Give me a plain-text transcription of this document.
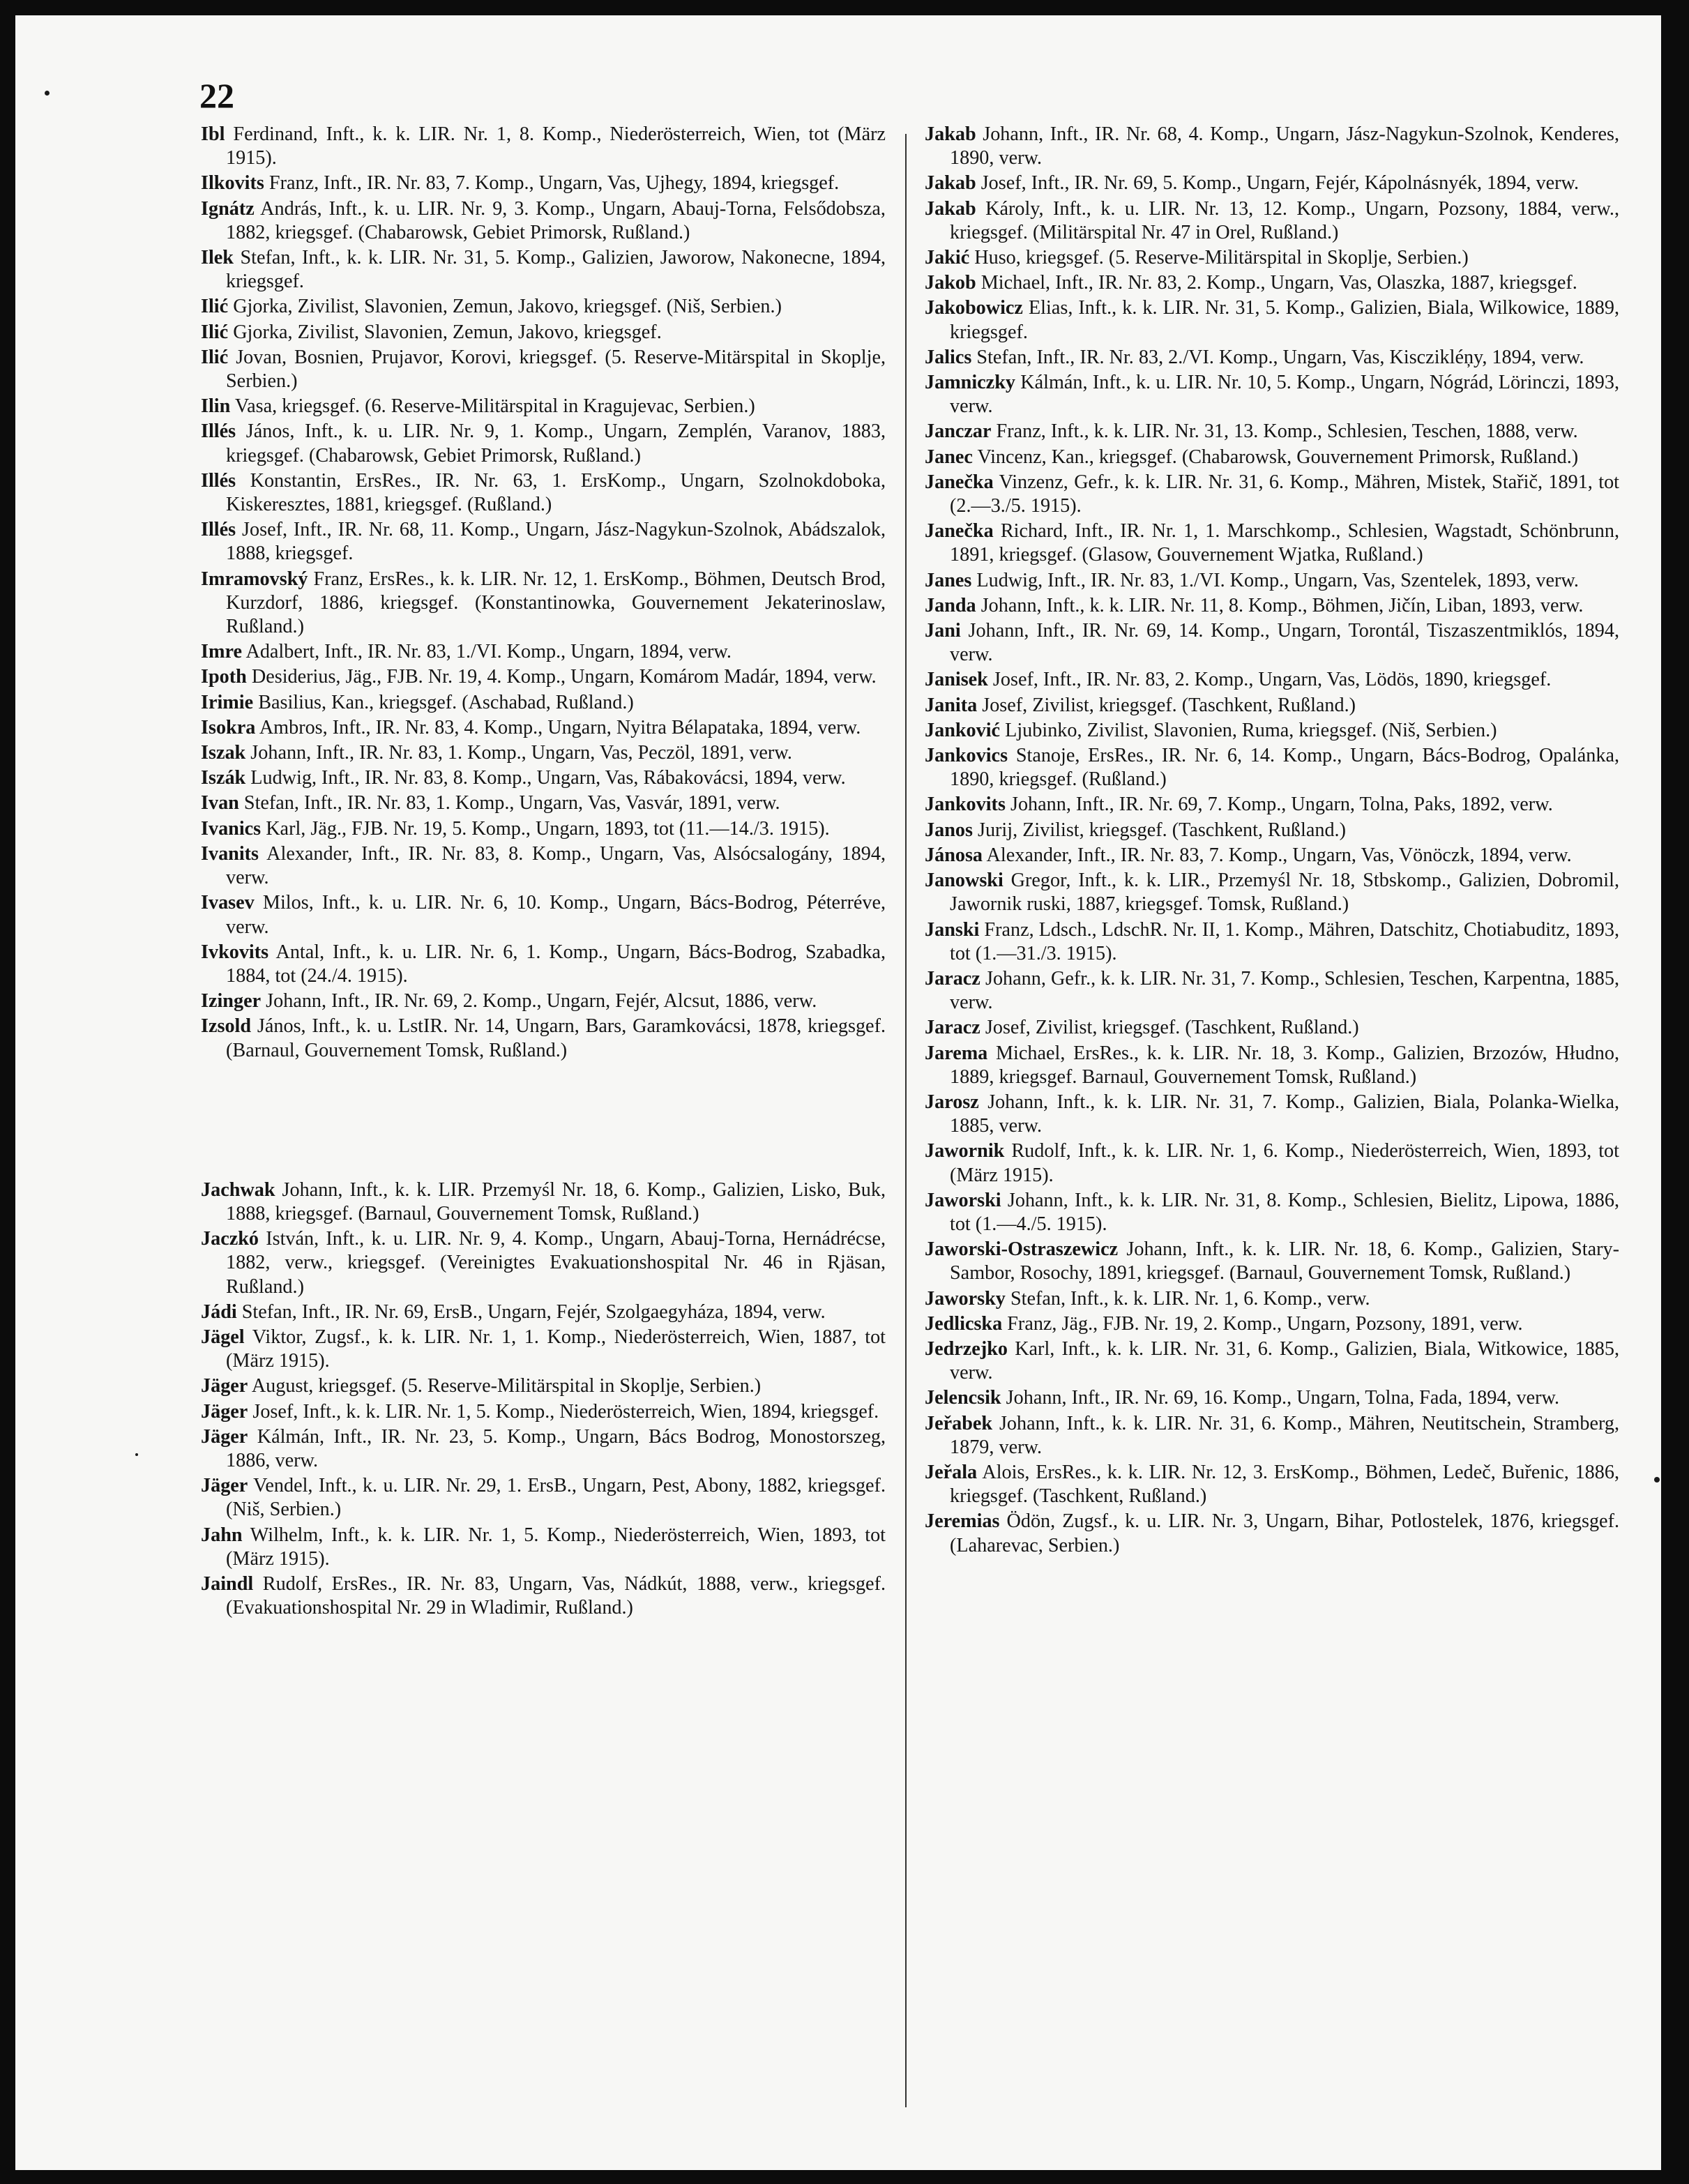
22
Ibl Ferdinand, Inft., k. k. LIR. Nr. 1, 8. Komp., Niederösterreich, Wien, tot (März 1915).
Ilkovits Franz, Inft., IR. Nr. 83, 7. Komp., Ungarn, Vas, Ujhegy, 1894, kriegsgef.
Ignátz András, Inft., k. u. LIR. Nr. 9, 3. Komp., Ungarn, Abauj-Torna, Felsődobsza, 1882, kriegsgef. (Chabarowsk, Gebiet Primorsk, Rußland.)
Ilek Stefan, Inft., k. k. LIR. Nr. 31, 5. Komp., Galizien, Jaworow, Nakonecne, 1894, kriegsgef.
Ilić Gjorka, Zivilist, Slavonien, Zemun, Jakovo, kriegsgef. (Niš, Serbien.)
Ilić Gjorka, Zivilist, Slavonien, Zemun, Jakovo, kriegsgef.
Ilić Jovan, Bosnien, Prujavor, Korovi, kriegsgef. (5. Reserve-Mitärspital in Skoplje, Serbien.)
Ilin Vasa, kriegsgef. (6. Reserve-Militärspital in Kragujevac, Serbien.)
Illés János, Inft., k. u. LIR. Nr. 9, 1. Komp., Ungarn, Zemplén, Varanov, 1883, kriegsgef. (Chabarowsk, Gebiet Primorsk, Rußland.)
Illés Konstantin, ErsRes., IR. Nr. 63, 1. ErsKomp., Ungarn, Szolnokdoboka, Kiskeresztes, 1881, kriegsgef. (Rußland.)
Illés Josef, Inft., IR. Nr. 68, 11. Komp., Ungarn, Jász-Nagykun-Szolnok, Abádszalok, 1888, kriegsgef.
Imramovský Franz, ErsRes., k. k. LIR. Nr. 12, 1. ErsKomp., Böhmen, Deutsch Brod, Kurzdorf, 1886, kriegsgef. (Konstantinowka, Gouvernement Jekaterinoslaw, Rußland.)
Imre Adalbert, Inft., IR. Nr. 83, 1./VI. Komp., Ungarn, 1894, verw.
Ipoth Desiderius, Jäg., FJB. Nr. 19, 4. Komp., Ungarn, Komárom Madár, 1894, verw.
Irimie Basilius, Kan., kriegsgef. (Aschabad, Rußland.)
Isokra Ambros, Inft., IR. Nr. 83, 4. Komp., Ungarn, Nyitra Bélapataka, 1894, verw.
Iszak Johann, Inft., IR. Nr. 83, 1. Komp., Ungarn, Vas, Peczöl, 1891, verw.
Iszák Ludwig, Inft., IR. Nr. 83, 8. Komp., Ungarn, Vas, Rábakovácsi, 1894, verw.
Ivan Stefan, Inft., IR. Nr. 83, 1. Komp., Ungarn, Vas, Vasvár, 1891, verw.
Ivanics Karl, Jäg., FJB. Nr. 19, 5. Komp., Ungarn, 1893, tot (11.—14./3. 1915).
Ivanits Alexander, Inft., IR. Nr. 83, 8. Komp., Ungarn, Vas, Alsócsalogány, 1894, verw.
Ivasev Milos, Inft., k. u. LIR. Nr. 6, 10. Komp., Ungarn, Bács-Bodrog, Péterréve, verw.
Ivkovits Antal, Inft., k. u. LIR. Nr. 6, 1. Komp., Ungarn, Bács-Bodrog, Szabadka, 1884, tot (24./4. 1915).
Izinger Johann, Inft., IR. Nr. 69, 2. Komp., Ungarn, Fejér, Alcsut, 1886, verw.
Izsold János, Inft., k. u. LstIR. Nr. 14, Ungarn, Bars, Garamkovácsi, 1878, kriegsgef. (Barnaul, Gouvernement Tomsk, Rußland.)
Jachwak Johann, Inft., k. k. LIR. Przemyśl Nr. 18, 6. Komp., Galizien, Lisko, Buk, 1888, kriegsgef. (Barnaul, Gouvernement Tomsk, Rußland.)
Jaczkó István, Inft., k. u. LIR. Nr. 9, 4. Komp., Ungarn, Abauj-Torna, Hernádrécse, 1882, verw., kriegsgef. (Vereinigtes Evakuationshospital Nr. 46 in Rjäsan, Rußland.)
Jádi Stefan, Inft., IR. Nr. 69, ErsB., Ungarn, Fejér, Szolgaegyháza, 1894, verw.
Jägel Viktor, Zugsf., k. k. LIR. Nr. 1, 1. Komp., Niederösterreich, Wien, 1887, tot (März 1915).
Jäger August, kriegsgef. (5. Reserve-Militärspital in Skoplje, Serbien.)
Jäger Josef, Inft., k. k. LIR. Nr. 1, 5. Komp., Niederösterreich, Wien, 1894, kriegsgef.
Jäger Kálmán, Inft., IR. Nr. 23, 5. Komp., Ungarn, Bács Bodrog, Monostorszeg, 1886, verw.
Jäger Vendel, Inft., k. u. LIR. Nr. 29, 1. ErsB., Ungarn, Pest, Abony, 1882, kriegsgef. (Niš, Serbien.)
Jahn Wilhelm, Inft., k. k. LIR. Nr. 1, 5. Komp., Niederösterreich, Wien, 1893, tot (März 1915).
Jaindl Rudolf, ErsRes., IR. Nr. 83, Ungarn, Vas, Nádkút, 1888, verw., kriegsgef. (Evakuationshospital Nr. 29 in Wladimir, Rußland.)
Jakab Johann, Inft., IR. Nr. 68, 4. Komp., Ungarn, Jász-Nagykun-Szolnok, Kenderes, 1890, verw.
Jakab Josef, Inft., IR. Nr. 69, 5. Komp., Ungarn, Fejér, Kápolnásnyék, 1894, verw.
Jakab Károly, Inft., k. u. LIR. Nr. 13, 12. Komp., Ungarn, Pozsony, 1884, verw., kriegsgef. (Militärspital Nr. 47 in Orel, Rußland.)
Jakić Huso, kriegsgef. (5. Reserve-Militärspital in Skoplje, Serbien.)
Jakob Michael, Inft., IR. Nr. 83, 2. Komp., Ungarn, Vas, Olaszka, 1887, kriegsgef.
Jakobowicz Elias, Inft., k. k. LIR. Nr. 31, 5. Komp., Galizien, Biala, Wilkowice, 1889, kriegsgef.
Jalics Stefan, Inft., IR. Nr. 83, 2./VI. Komp., Ungarn, Vas, Kisczikléņy, 1894, verw.
Jamniczky Kálmán, Inft., k. u. LIR. Nr. 10, 5. Komp., Ungarn, Nógrád, Lörinczi, 1893, verw.
Janczar Franz, Inft., k. k. LIR. Nr. 31, 13. Komp., Schlesien, Teschen, 1888, verw.
Janec Vincenz, Kan., kriegsgef. (Chabarowsk, Gouvernement Primorsk, Rußland.)
Janečka Vinzenz, Gefr., k. k. LIR. Nr. 31, 6. Komp., Mähren, Mistek, Stařič, 1891, tot (2.—3./5. 1915).
Janečka Richard, Inft., IR. Nr. 1, 1. Marschkomp., Schlesien, Wagstadt, Schönbrunn, 1891, kriegsgef. (Glasow, Gouvernement Wjatka, Rußland.)
Janes Ludwig, Inft., IR. Nr. 83, 1./VI. Komp., Ungarn, Vas, Szentelek, 1893, verw.
Janda Johann, Inft., k. k. LIR. Nr. 11, 8. Komp., Böhmen, Jičín, Liban, 1893, verw.
Jani Johann, Inft., IR. Nr. 69, 14. Komp., Ungarn, Torontál, Tiszaszentmiklós, 1894, verw.
Janisek Josef, Inft., IR. Nr. 83, 2. Komp., Ungarn, Vas, Lödös, 1890, kriegsgef.
Janita Josef, Zivilist, kriegsgef. (Taschkent, Rußland.)
Janković Ljubinko, Zivilist, Slavonien, Ruma, kriegsgef. (Niš, Serbien.)
Jankovics Stanoje, ErsRes., IR. Nr. 6, 14. Komp., Ungarn, Bács-Bodrog, Opalánka, 1890, kriegsgef. (Rußland.)
Jankovits Johann, Inft., IR. Nr. 69, 7. Komp., Ungarn, Tolna, Paks, 1892, verw.
Janos Jurij, Zivilist, kriegsgef. (Taschkent, Rußland.)
Jánosa Alexander, Inft., IR. Nr. 83, 7. Komp., Ungarn, Vas, Vönöczk, 1894, verw.
Janowski Gregor, Inft., k. k. LIR., Przemyśl Nr. 18, Stbskomp., Galizien, Dobromil, Jawornik ruski, 1887, kriegsgef. Tomsk, Rußland.)
Janski Franz, Ldsch., LdschR. Nr. II, 1. Komp., Mähren, Datschitz, Chotiabuditz, 1893, tot (1.—31./3. 1915).
Jaracz Johann, Gefr., k. k. LIR. Nr. 31, 7. Komp., Schlesien, Teschen, Karpentna, 1885, verw.
Jaracz Josef, Zivilist, kriegsgef. (Taschkent, Rußland.)
Jarema Michael, ErsRes., k. k. LIR. Nr. 18, 3. Komp., Galizien, Brzozów, Hłudno, 1889, kriegsgef. Barnaul, Gouvernement Tomsk, Rußland.)
Jarosz Johann, Inft., k. k. LIR. Nr. 31, 7. Komp., Galizien, Biala, Polanka-Wielka, 1885, verw.
Jawornik Rudolf, Inft., k. k. LIR. Nr. 1, 6. Komp., Niederösterreich, Wien, 1893, tot (März 1915).
Jaworski Johann, Inft., k. k. LIR. Nr. 31, 8. Komp., Schlesien, Bielitz, Lipowa, 1886, tot (1.—4./5. 1915).
Jaworski-Ostraszewicz Johann, Inft., k. k. LIR. Nr. 18, 6. Komp., Galizien, Stary-Sambor, Rosochy, 1891, kriegsgef. (Barnaul, Gouvernement Tomsk, Rußland.)
Jaworsky Stefan, Inft., k. k. LIR. Nr. 1, 6. Komp., verw.
Jedlicska Franz, Jäg., FJB. Nr. 19, 2. Komp., Ungarn, Pozsony, 1891, verw.
Jedrzejko Karl, Inft., k. k. LIR. Nr. 31, 6. Komp., Galizien, Biala, Witkowice, 1885, verw.
Jelencsik Johann, Inft., IR. Nr. 69, 16. Komp., Ungarn, Tolna, Fada, 1894, verw.
Jeřabek Johann, Inft., k. k. LIR. Nr. 31, 6. Komp., Mähren, Neutitschein, Stramberg, 1879, verw.
Jeřala Alois, ErsRes., k. k. LIR. Nr. 12, 3. ErsKomp., Böhmen, Ledeč, Buřenic, 1886, kriegsgef. (Taschkent, Rußland.)
Jeremias Ödön, Zugsf., k. u. LIR. Nr. 3, Ungarn, Bihar, Potlostelek, 1876, kriegsgef. (Laharevac, Serbien.)
